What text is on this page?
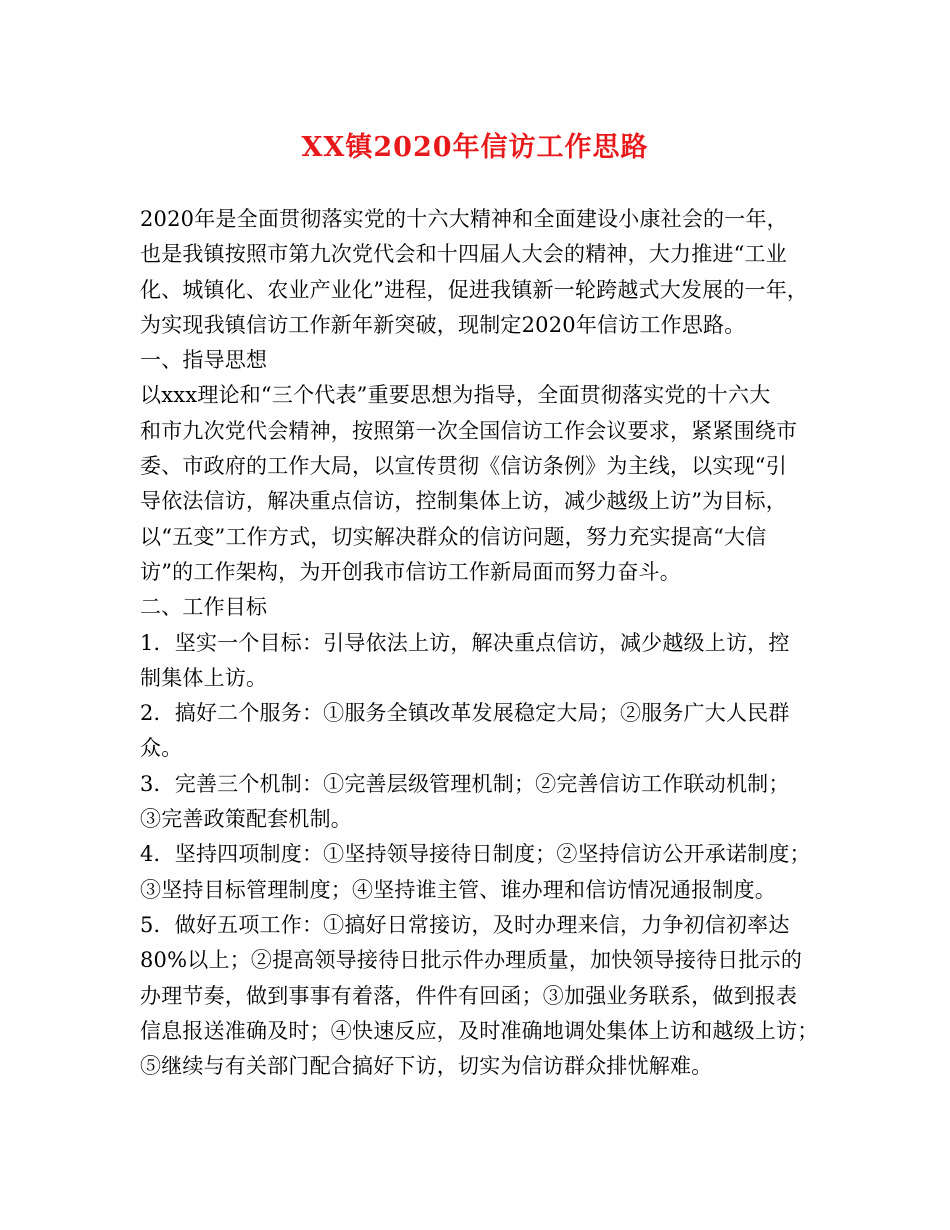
XX镇2020年信访工作思路
2020年是全面贯彻落实党的十六大精神和全面建设小康社会的一年，
也是我镇按照市第九次党代会和十四届人大会的精神，大力推进“工业
化、城镇化、农业产业化”进程，促进我镇新一轮跨越式大发展的一年，
为实现我镇信访工作新年新突破，现制定2020年信访工作思路。
一、指导思想
以xxx理论和“三个代表”重要思想为指导，全面贯彻落实党的十六大
和市九次党代会精神，按照第一次全国信访工作会议要求，紧紧围绕市
委、市政府的工作大局，以宣传贯彻《信访条例》为主线，以实现“引
导依法信访，解决重点信访，控制集体上访，减少越级上访”为目标，
以“五变”工作方式，切实解决群众的信访问题，努力充实提高“大信
访”的工作架构，为开创我市信访工作新局面而努力奋斗。
二、工作目标
1．坚实一个目标：引导依法上访，解决重点信访，减少越级上访，控
制集体上访。
2．搞好二个服务：①服务全镇改革发展稳定大局；②服务广大人民群
众。
3．完善三个机制：①完善层级管理机制；②完善信访工作联动机制；
③完善政策配套机制。
4．坚持四项制度：①坚持领导接待日制度；②坚持信访公开承诺制度；
③坚持目标管理制度；④坚持谁主管、谁办理和信访情况通报制度。
5．做好五项工作：①搞好日常接访，及时办理来信，力争初信初率达
80%以上；②提高领导接待日批示件办理质量，加快领导接待日批示的
办理节奏，做到事事有着落，件件有回函；③加强业务联系，做到报表
信息报送准确及时；④快速反应，及时准确地调处集体上访和越级上访；
⑤继续与有关部门配合搞好下访，切实为信访群众排忧解难。
